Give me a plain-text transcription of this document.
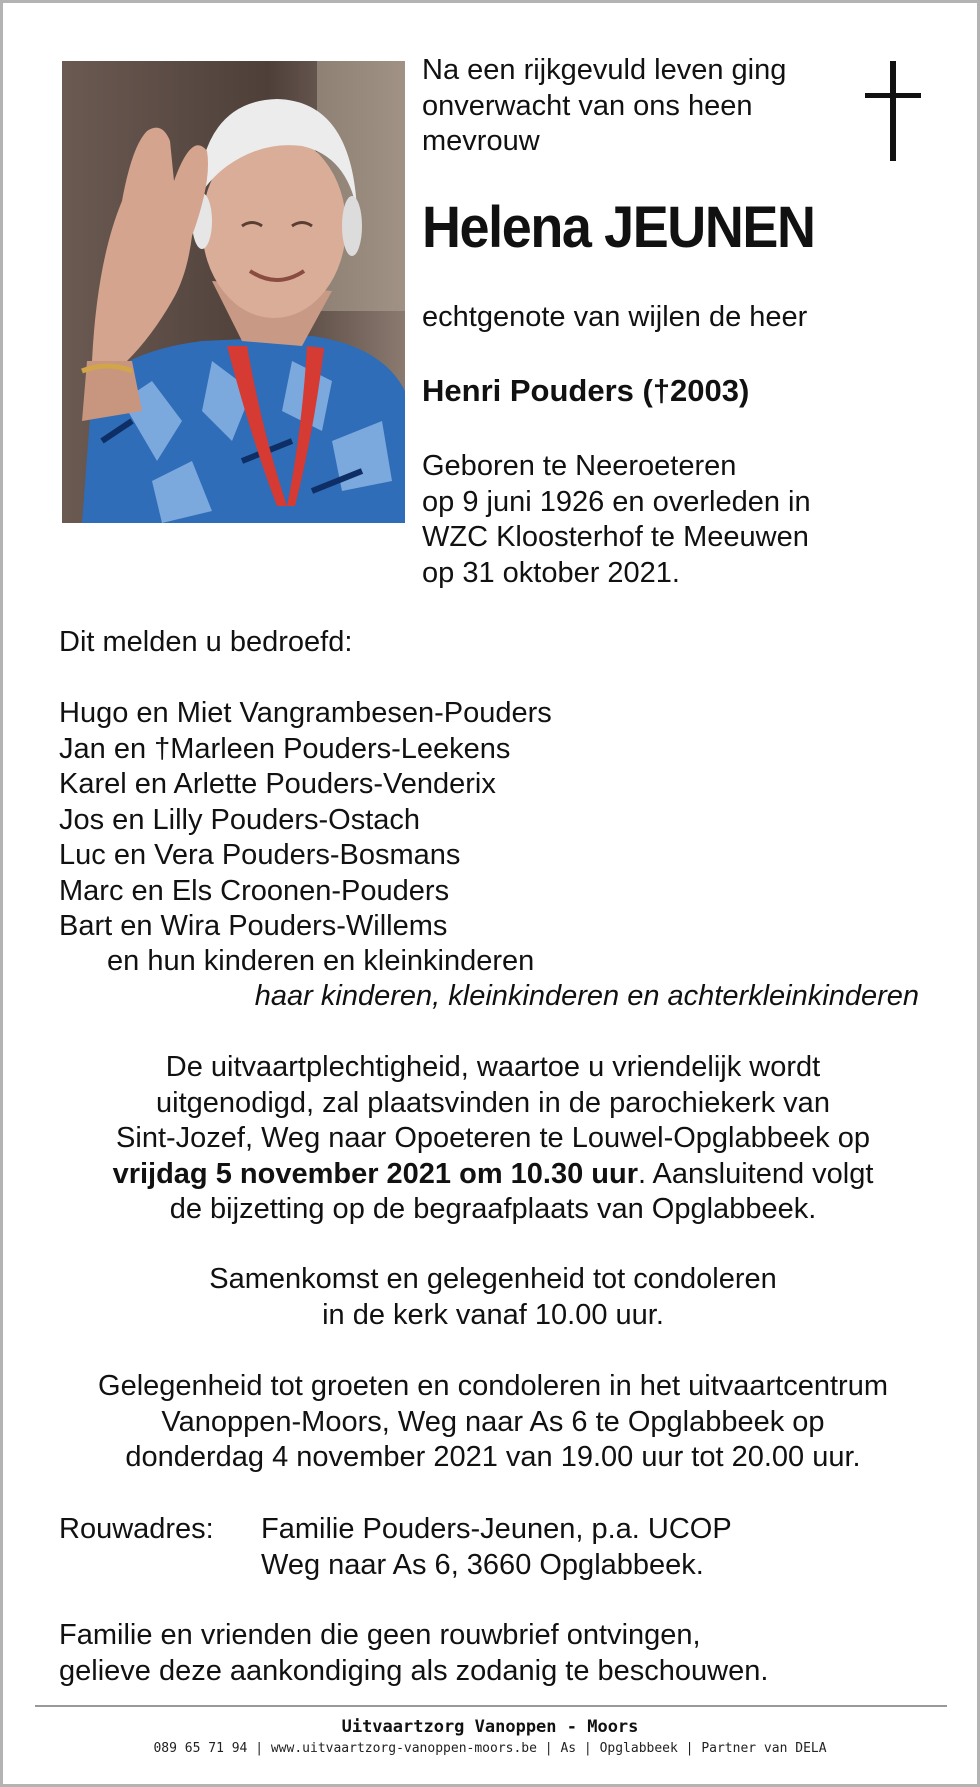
Na een rijkgevuld leven ging
onverwacht van ons heen
mevrouw
Helena JEUNEN
echtgenote van wijlen de heer
Henri Pouders (†2003)
Geboren te Neeroeteren
op 9 juni 1926 en overleden in
WZC Kloosterhof te Meeuwen
op 31 oktober 2021.
Dit melden u bedroefd:
Hugo en Miet Vangrambesen-Pouders
Jan en †Marleen Pouders-Leekens
Karel en Arlette Pouders-Venderix
Jos en Lilly Pouders-Ostach
Luc en Vera Pouders-Bosmans
Marc en Els Croonen-Pouders
Bart en Wira Pouders-Willems
en hun kinderen en kleinkinderen
haar kinderen, kleinkinderen en achterkleinkinderen
De uitvaartplechtigheid, waartoe u vriendelijk wordt
uitgenodigd, zal plaatsvinden in de parochiekerk van
Sint-Jozef, Weg naar Opoeteren te Louwel-Opglabbeek op
vrijdag 5 november 2021 om 10.30 uur. Aansluitend volgt
de bijzetting op de begraafplaats van Opglabbeek.
Samenkomst en gelegenheid tot condoleren
in de kerk vanaf 10.00 uur.
Gelegenheid tot groeten en condoleren in het uitvaartcentrum
Vanoppen-Moors, Weg naar As 6 te Opglabbeek op
donderdag 4 november 2021 van 19.00 uur tot 20.00 uur.
Rouwadres: Familie Pouders-Jeunen, p.a. UCOP
Weg naar As 6, 3660 Opglabbeek.
Familie en vrienden die geen rouwbrief ontvingen,
gelieve deze aankondiging als zodanig te beschouwen.
Uitvaartzorg Vanoppen - Moors
089 65 71 94 | www.uitvaartzorg-vanoppen-moors.be | As | Opglabbeek | Partner van DELA
